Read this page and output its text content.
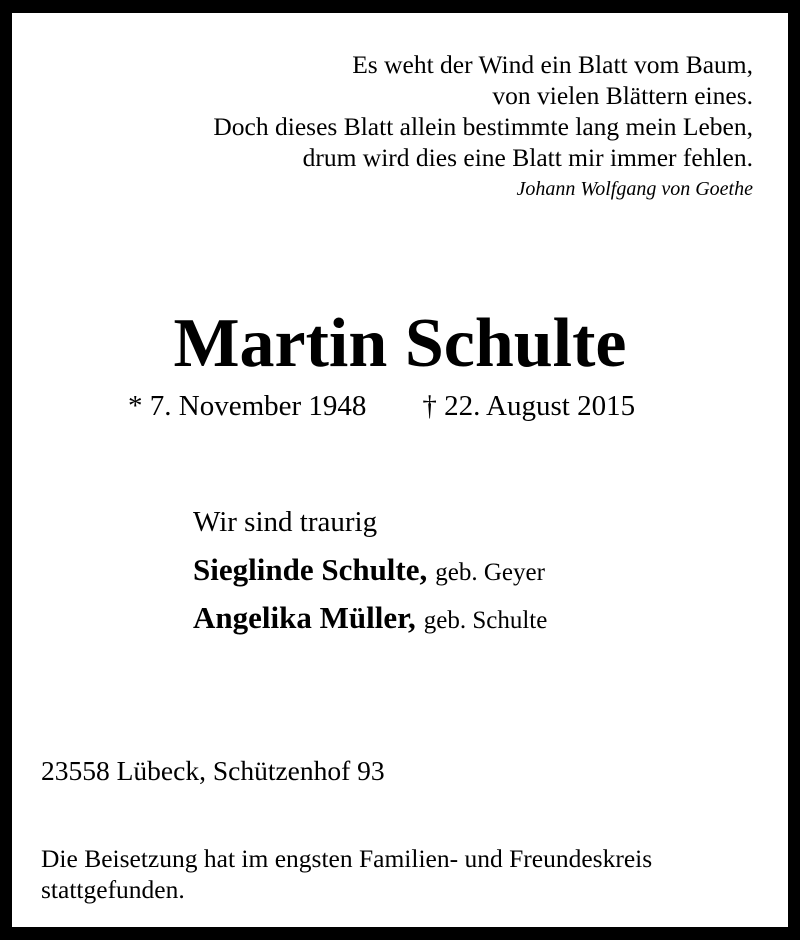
Es weht der Wind ein Blatt vom Baum,
von vielen Blättern eines.
Doch dieses Blatt allein bestimmte lang mein Leben,
drum wird dies eine Blatt mir immer fehlen.
Johann Wolfgang von Goethe
Martin Schulte
* 7. November 1948 † 22. August 2015
Wir sind traurig
Sieglinde Schulte, geb. Geyer
Angelika Müller, geb. Schulte
23558 Lübeck, Schützenhof 93
Die Beisetzung hat im engsten Familien- und Freundeskreis stattgefunden.
